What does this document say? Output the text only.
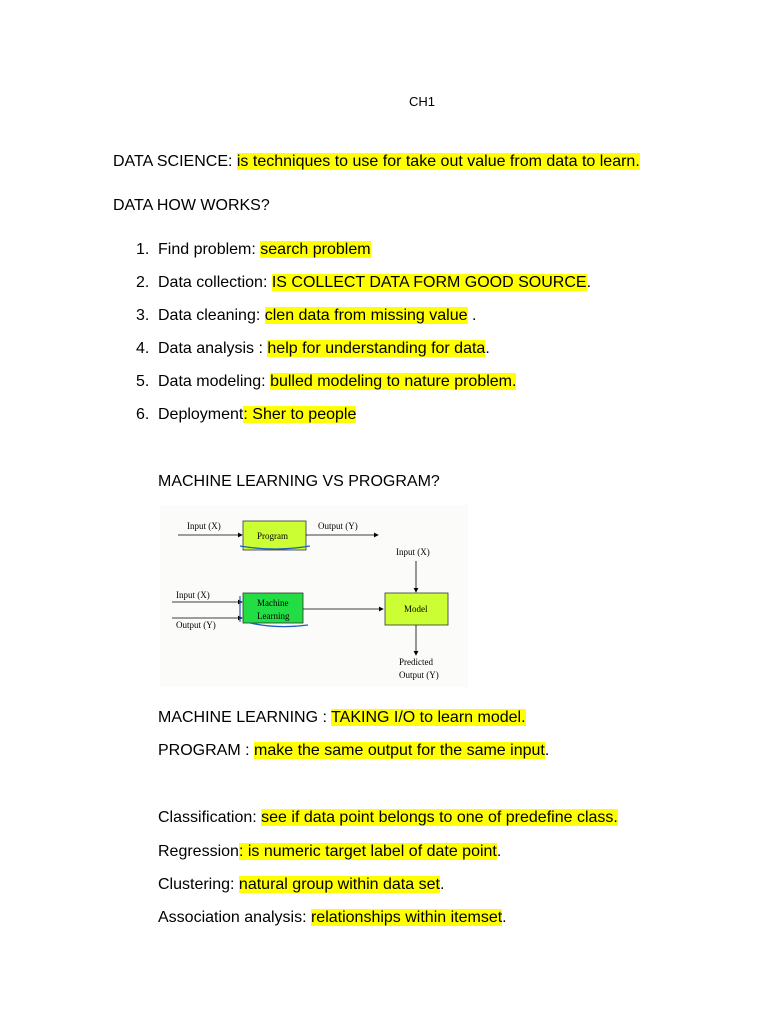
CH1
DATA SCIENCE: is techniques to use for take out value from data to learn.
DATA HOW WORKS?
1. Find problem: search problem
2. Data collection: IS COLLECT DATA FORM GOOD SOURCE.
3. Data cleaning: clen data from missing value .
4. Data analysis : help for understanding for data.
5. Data modeling: bulled modeling to nature problem.
6. Deployment: Sher to people
MACHINE LEARNING VS PROGRAM?
Input (X)
Program
Output (Y)
Input (X)
Input (X)
Output (Y)
Machine
Learning
Model
Predicted
Output (Y)
MACHINE LEARNING : TAKING I/O to learn model.
PROGRAM : make the same output for the same input.
Classification: see if data point belongs to one of predefine class.
Regression: is numeric target label of date point.
Clustering: natural group within data set.
Association analysis: relationships within itemset.
